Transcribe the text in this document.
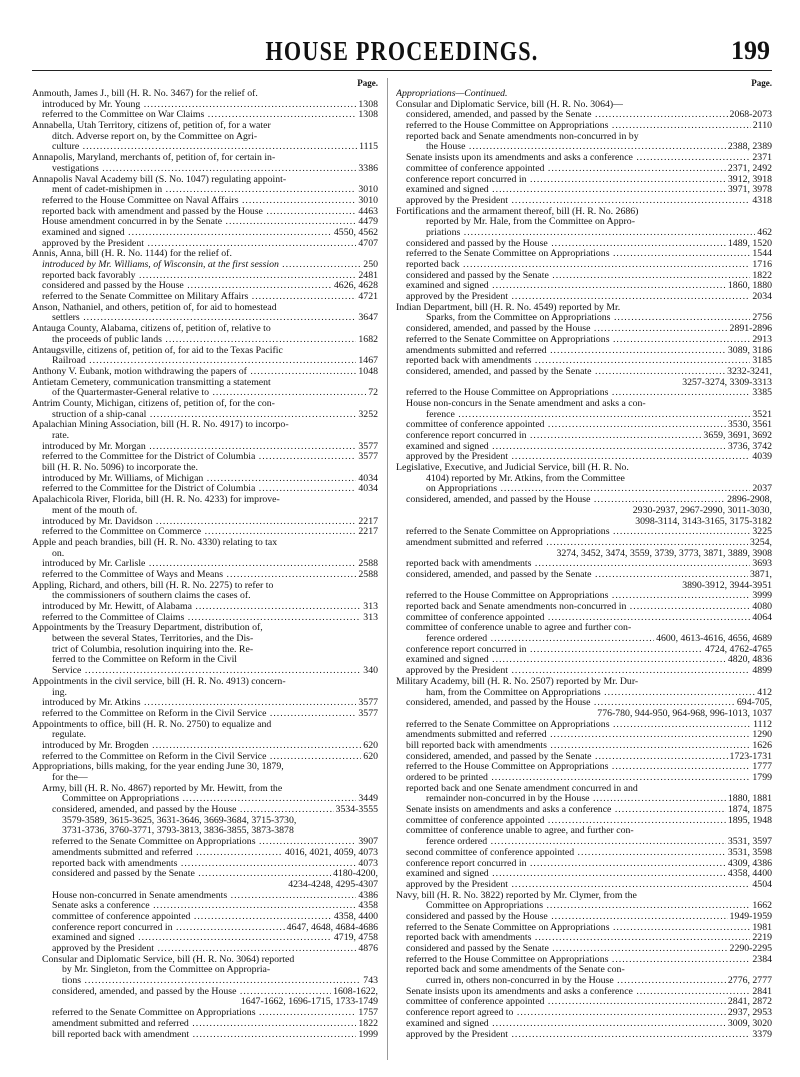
HOUSE PROCEEDINGS.	199
Page.
Anmouth, James J., bill (H. R. No. 3467) for the relief of.
introduced by Mr. Young .....	1308
referred to the Committee on War Claims .....	1308
Annabella, Utah Territory, citizens of, petition of, for a water
ditch. Adverse report on, by the Committee on Agri-
culture .....	1115
Annapolis, Maryland, merchants of, petition of, for certain in-
vestigations .....	3386
Annapolis Naval Academy bill (S. No. 1047) regulating appoint-
ment of cadet-mishipmen in .....	3010
referred to the House Committee on Naval Affairs .....	3010
reported back with amendment and passed by the House .....	4463
House amendment concurred in by the Senate .....	4479
examined and signed .....	4550, 4562
approved by the President .....	4707
Annis, Anna, bill (H. R. No. 1144) for the relief of.
introduced by Mr. Williams, of Wisconsin, at the first session .....	250
reported back favorably .....	2481
considered and passed by the House .....	4626, 4628
referred to the Senate Committee on Military Affairs .....	4721
Anson, Nathaniel, and others, petition of, for aid to homestead
settlers .....	3647
Antauga County, Alabama, citizens of, petition of, relative to
the proceeds of public lands .....	1682
Antaugsville, citizens of, petition of, for aid to the Texas Pacific
Railroad .....	1467
Anthony V. Eubank, motion withdrawing the papers of .....	1048
Antietam Cemetery, communication transmitting a statement
of the Quartermaster-General relative to .....	72
Antrim County, Michigan, citizens of, petition of, for the con-
struction of a ship-canal .....	3252
Apalachian Mining Association, bill (H. R. No. 4917) to incorpo-
rate.
introduced by Mr. Morgan .....	3577
referred to the Committee for the District of Columbia .....	3577
bill (H. R. No. 5096) to incorporate the.
introduced by Mr. Williams, of Michigan .....	4034
referred to the Committee for the District of Columbia .....	4034
Apalachicola River, Florida, bill (H. R. No. 4233) for improve-
ment of the mouth of.
introduced by Mr. Davidson .....	2217
referred to the Committee on Commerce .....	2217
Apple and peach brandies, bill (H. R. No. 4330) relating to tax
on.
introduced by Mr. Carlisle .....	2588
referred to the Committee of Ways and Means .....	2588
Appling, Richard, and others, bill (H. R. No. 2275) to refer to
the commissioners of southern claims the cases of.
introduced by Mr. Hewitt, of Alabama .....	313
referred to the Committee of Claims .....	313
Appointments by the Treasury Department, distribution of,
between the several States, Territories, and the Dis-
trict of Columbia, resolution inquiring into the. Re-
ferred to the Committee on Reform in the Civil
Service .....	340
Appointments in the civil service, bill (H. R. No. 4913) concern-
ing.
introduced by Mr. Atkins .....	3577
referred to the Committee on Reform in the Civil Service .....	3577
Appointments to office, bill (H. R. No. 2750) to equalize and
regulate.
introduced by Mr. Brogden .....	620
referred to the Committee on Reform in the Civil Service .....	620
Appropriations, bills making, for the year ending June 30, 1879,
for the—
Army, bill (H. R. No. 4867) reported by Mr. Hewitt, from the
Committee on Appropriations .....	3449
considered, amended, and passed by the House .....	3534-3555
3579-3589, 3615-3625, 3631-3646, 3669-3684, 3715-3730,
3731-3736, 3760-3771, 3793-3813, 3836-3855, 3873-3878
referred to the Senate Committee on Appropriations .....	3907
amendments submitted and referred .....	4016, 4021, 4059, 4073
reported back with amendments .....	4073
considered and passed by the Senate .....	4180-4200,
4234-4248, 4295-4307
House non-concurred in Senate amendments .....	4386
Senate asks a conference .....	4358
committee of conference appointed .....	4358, 4400
conference report concurred in .....	4647, 4648, 4684-4686
examined and signed .....	4719, 4758
approved by the President .....	4876
Consular and Diplomatic Service, bill (H. R. No. 3064) reported
by Mr. Singleton, from the Committee on Appropria-
tions .....	743
considered, amended, and passed by the House .....	1608-1622,
1647-1662, 1696-1715, 1733-1749
referred to the Senate Committee on Appropriations .....	1757
amendment submitted and referred .....	1822
bill reported back with amendment .....	1999
Page.
Appropriations—Continued.
Consular and Diplomatic Service, bill (H. R. No. 3064)—
considered, amended, and passed by the Senate .....	2068-2073
referred to the House Committee on Appropriations .....	2110
reported back and Senate amendments non-concurred in by
the House .....	2388, 2389
Senate insists upon its amendments and asks a conference .....	2371
committee of conference appointed .....	2371, 2492
conference report concurred in .....	3912, 3918
examined and signed .....	3971, 3978
approved by the President .....	4318
Fortifications and the armament thereof, bill (H. R. No. 2686)
reported by Mr. Hale, from the Committee on Appro-
priations .....	462
considered and passed by the House .....	1489, 1520
referred to the Senate Committee on Appropriations .....	1544
reported back .....	1716
considered and passed by the Senate .....	1822
examined and signed .....	1860, 1880
approved by the President .....	2034
Indian Department, bill (H. R. No. 4549) reported by Mr.
Sparks, from the Committee on Appropriations .....	2756
considered, amended, and passed by the House .....	2891-2896
referred to the Senate Committee on Appropriations .....	2913
amendments submitted and referred .....	3089, 3186
reported back with amendments .....	3185
considered, amended, and passed by the Senate .....	3232-3241,
3257-3274, 3309-3313
referred to the House Committee on Appropriations .....	3385
House non-concurs in the Senate amendment and asks a con-
ference .....	3521
committee of conference appointed .....	3530, 3561
conference report concurred in .....	3659, 3691, 3692
examined and signed .....	3736, 3742
approved by the President .....	4039
Legislative, Executive, and Judicial Service, bill (H. R. No.
4104) reported by Mr. Atkins, from the Committee
on Appropriations .....	2037
considered, amended, and passed by the House .....	2896-2908,
2930-2937, 2967-2990, 3011-3030,
3098-3114, 3143-3165, 3175-3182
referred to the Senate Committee on Appropriations .....	3225
amendment submitted and referred .....	3254,
3274, 3452, 3474, 3559, 3739, 3773, 3871, 3889, 3908
reported back with amendments .....	3693
considered, amended, and passed by the Senate .....	3871,
3890-3912, 3944-3951
referred to the House Committee on Appropriations .....	3999
reported back and Senate amendments non-concurred in .....	4080
committee of conference appointed .....	4064
committee of conference unable to agree and further con-
ference ordered .....	4600, 4613-4616, 4656, 4689
conference report concurred in .....	4724, 4762-4765
examined and signed .....	4820, 4836
approved by the President .....	4899
Military Academy, bill (H. R. No. 2507) reported by Mr. Dur-
ham, from the Committee on Appropriations .....	412
considered, amended, and passed by the House .....	694-705,
776-780, 944-950, 964-968, 996-1013, 1037
referred to the Senate Committee on Appropriations .....	1112
amendments submitted and referred .....	1290
bill reported back with amendments .....	1626
considered, amended, and passed by the Senate .....	1723-1731
referred to the House Committee on Appropriations .....	1777
ordered to be printed .....	1799
reported back and one Senate amendment concurred in and
remainder non-concurred in by the House .....	1880, 1881
Senate insists on amendments and asks a conference .....	1874, 1875
committee of conference appointed .....	1895, 1948
committee of conference unable to agree, and further con-
ference ordered .....	3531, 3597
second committee of conference appointed .....	3531, 3598
conference report concurred in .....	4309, 4386
examined and signed .....	4358, 4400
approved by the President .....	4504
Navy, bill (H. R. No. 3822) reported by Mr. Clymer, from the
Committee on Appropriations .....	1662
considered and passed by the House .....	1949-1959
referred to the Senate Committee on Appropriations .....	1981
reported back with amendments .....	2219
considered and passed by the Senate .....	2290-2295
referred to the House Committee on Appropriations .....	2384
reported back and some amendments of the Senate con-
curred in, others non-concurred in by the House .....	2776, 2777
Senate insists upon its amendments and asks a conference .....	2841
committee of conference appointed .....	2841, 2872
conference report agreed to .....	2937, 2953
examined and signed .....	3009, 3020
approved by the President .....	3379
